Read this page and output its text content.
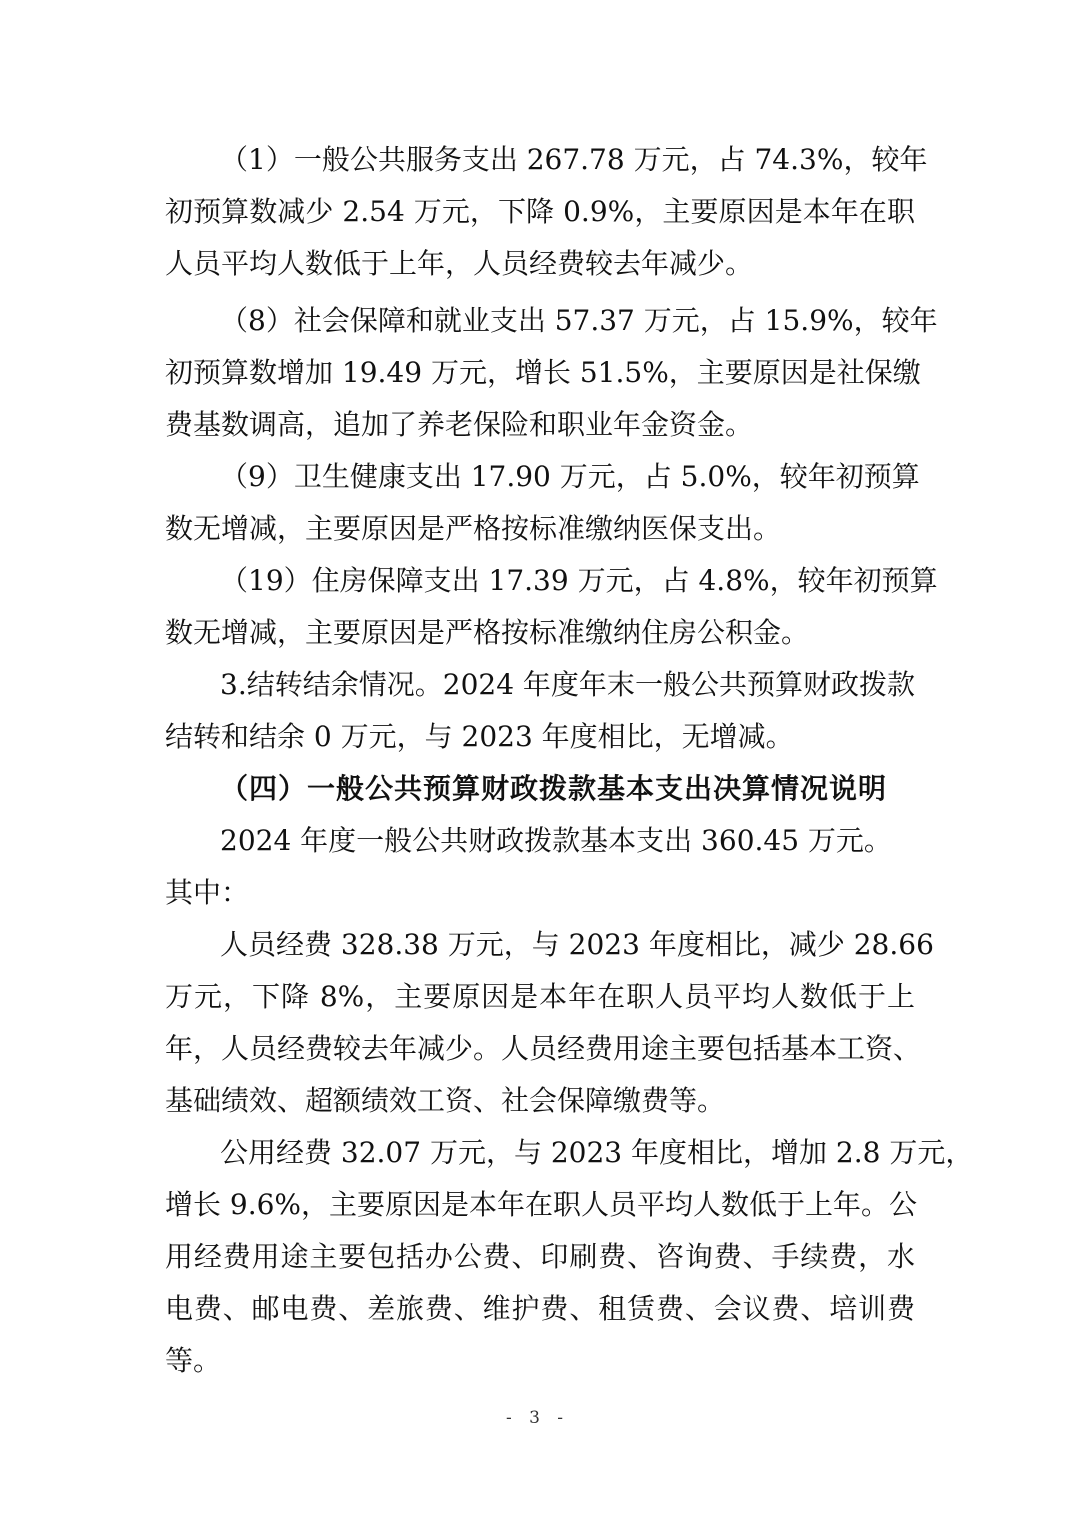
（1）一般公共服务支出 267.78 万元，占 74.3%，较年
初预算数减少 2.54 万元，下降 0.9%，主要原因是本年在职
人员平均人数低于上年，人员经费较去年减少。
（8）社会保障和就业支出 57.37 万元，占 15.9%，较年
初预算数增加 19.49 万元，增长 51.5%，主要原因是社保缴
费基数调高，追加了养老保险和职业年金资金。
（9）卫生健康支出 17.90 万元，占 5.0%，较年初预算
数无增减，主要原因是严格按标准缴纳医保支出。
（19）住房保障支出 17.39 万元，占 4.8%，较年初预算
数无增减，主要原因是严格按标准缴纳住房公积金。
3.结转结余情况。2024 年度年末一般公共预算财政拨款
结转和结余 0 万元，与 2023 年度相比，无增减。
（四）一般公共预算财政拨款基本支出决算情况说明
2024 年度一般公共财政拨款基本支出 360.45 万元。
其中：
人员经费 328.38 万元，与 2023 年度相比，减少 28.66
万元，下降 8%，主要原因是本年在职人员平均人数低于上
年，人员经费较去年减少。人员经费用途主要包括基本工资、
基础绩效、超额绩效工资、社会保障缴费等。
公用经费 32.07 万元，与 2023 年度相比，增加 2.8 万元，
增长 9.6%，主要原因是本年在职人员平均人数低于上年。公
用经费用途主要包括办公费、印刷费、咨询费、手续费，水
电费、邮电费、差旅费、维护费、租赁费、会议费、培训费
等。
- 3 -
